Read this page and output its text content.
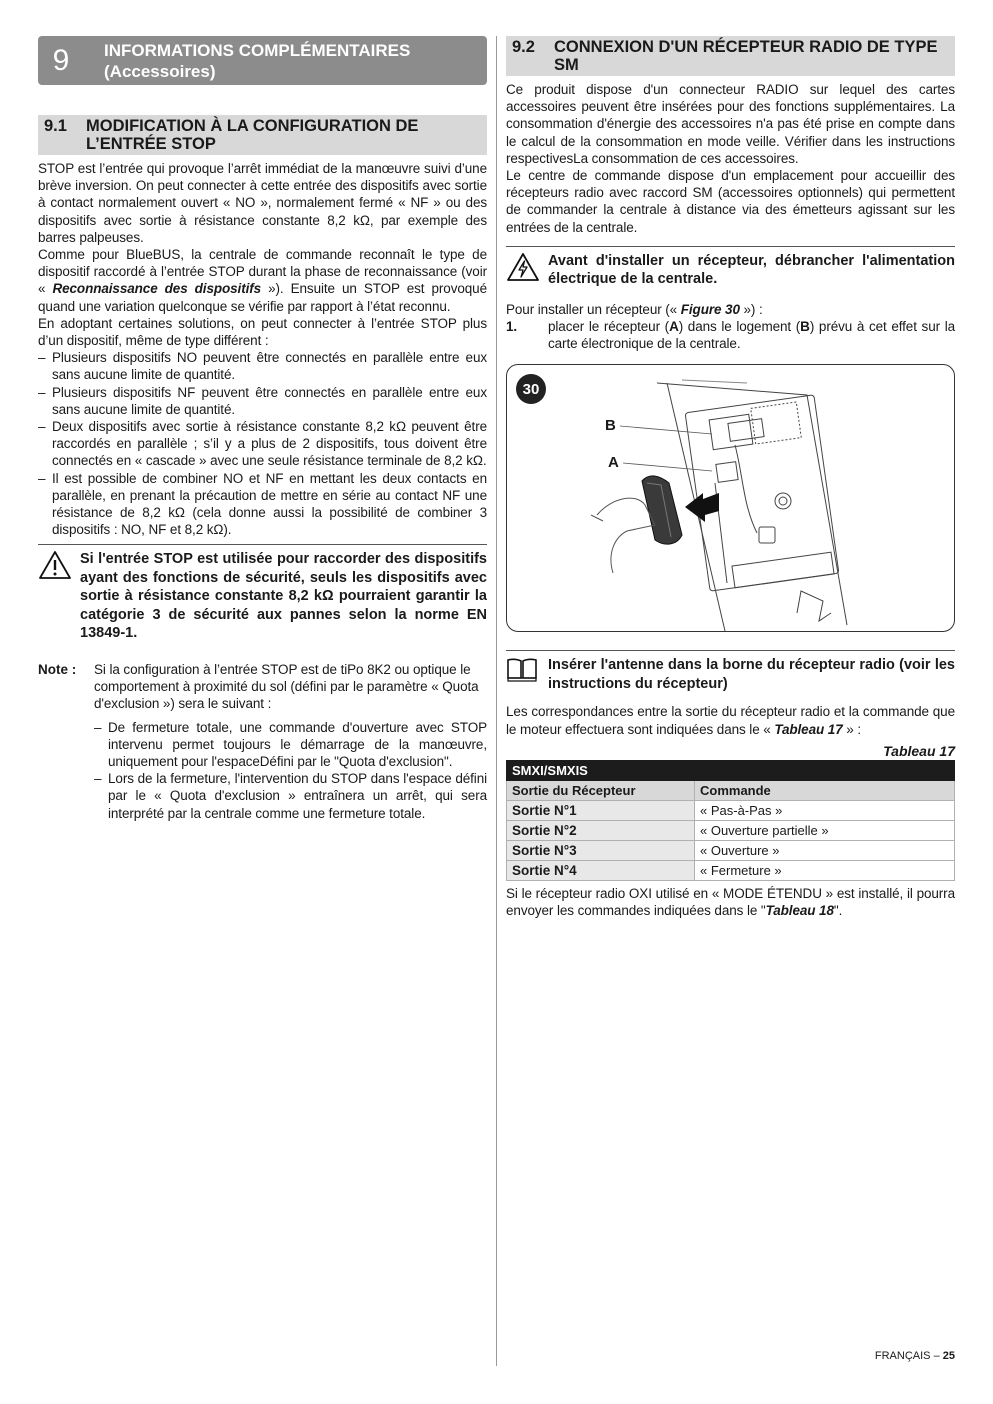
9	INFORMATIONS COMPLÉMENTAIRES
(Accessoires)
9.1	MODIFICATION À LA CONFIGURATION DE
L’ENTRÉE STOP

STOP est l’entrée qui provoque l’arrêt immédiat de la manœuvre suivi d’une brève inversion. On peut connecter à cette entrée des dispositifs avec sortie à contact normalement ouvert « NO », normalement fermé « NF » ou des dispositifs avec sortie à résistance constante 8,2 kΩ, par exemple des barres palpeuses.

Comme pour BlueBUS, la centrale de commande reconnaît le type de dispositif raccordé à l’entrée STOP durant la phase de reconnaissance (voir « Reconnaissance des dispositifs »). Ensuite un STOP est provoqué quand une variation quelconque se vérifie par rapport à l’état reconnu.

En adoptant certaines solutions, on peut connecter à l’entrée STOP plus d’un dispositif, même de type différent :

– Plusieurs dispositifs NO peuvent être connectés en parallèle entre eux sans aucune limite de quantité.
– Plusieurs dispositifs NF peuvent être connectés en parallèle entre eux sans aucune limite de quantité.
– Deux dispositifs avec sortie à résistance constante 8,2 kΩ peuvent être raccordés en parallèle ; s’il y a plus de 2 dispositifs, tous doivent être connectés en « cascade » avec une seule résistance terminale de 8,2 kΩ.
– Il est possible de combiner NO et NF en mettant les deux contacts en parallèle, en prenant la précaution de mettre en série au contact NF une résistance de 8,2 kΩ (cela donne aussi la possibilité de combiner 3 dispositifs : NO, NF et 8,2 kΩ).
Si l'entrée STOP est utilisée pour raccorder des dispositifs ayant des fonctions de sécurité, seuls les dispositifs avec sortie à résistance constante 8,2 kΩ pourraient garantir la catégorie 3 de sécurité aux pannes selon la norme EN 13849-1.
Note :	Si la configuration à l’entrée STOP est de tiPo 8K2 ou optique le comportement à proximité du sol (défini par le paramètre « Quota d'exclusion ») sera le suivant :

– De fermeture totale, une commande d'ouverture avec STOP intervenu permet toujours le démarrage de la manœuvre, uniquement pour l'espaceDéfini par le "Quota d'exclusion".
– Lors de la fermeture, l'intervention du STOP dans l'espace défini par le « Quota d'exclusion » entraînera un arrêt, qui sera interprété par la centrale comme une fermeture totale.
9.2	CONNEXION D'UN RÉCEPTEUR RADIO DE TYPE
SM

Ce produit dispose d'un connecteur RADIO sur lequel des cartes accessoires peuvent être insérées pour des fonctions supplémentaires. La consommation d'énergie des accessoires n'a pas été prise en compte dans le calcul de la consommation en mode veille. Vérifier dans les instructions respectivesLa consommation de ces accessoires.

Le centre de commande dispose d'un emplacement pour accueillir des récepteurs radio avec raccord SM (accessoires optionnels) qui permettent de commander la centrale à distance via des émetteurs agissant sur les entrées de la centrale.

Avant d'installer un récepteur, débrancher l'alimentation électrique de la centrale.

Pour installer un récepteur (« Figure 30 ») :

1.	placer le récepteur (A) dans le logement (B) prévu à cet effet sur la carte électronique de la centrale.
30
B
A
Insérer l'antenne dans la borne du récepteur radio (voir les instructions du récepteur)

Les correspondances entre la sortie du récepteur radio et la commande que le moteur effectuera sont indiquées dans le « Tableau 17 » :

Tableau 17
SMXI/SMXIS	
Sortie du Récepteur	Commande
Sortie N°1	« Pas-à-Pas »
Sortie N°2	« Ouverture partielle »
Sortie N°3	« Ouverture »
Sortie N°4	« Fermeture »

Si le récepteur radio OXI utilisé en « MODE ÉTENDU » est installé, il pourra envoyer les commandes indiquées dans le "Tableau 18".

FRANÇAIS – 25
